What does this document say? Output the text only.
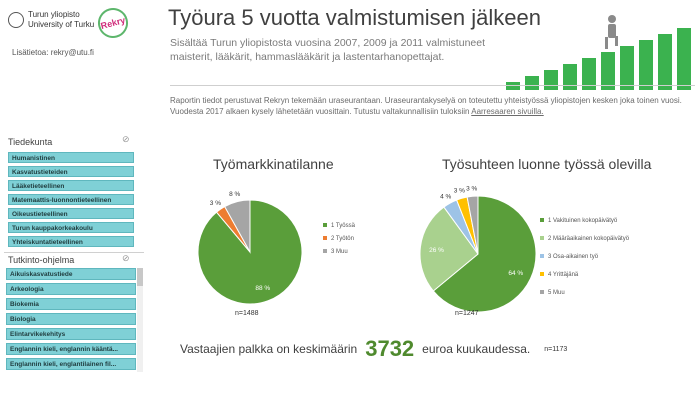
Turun yliopisto
University of Turku Rekry
Lisätietoa: rekry@utu.fi
Työura 5 vuotta valmistumisen jälkeen
Sisältää Turun yliopistosta vuosina 2007, 2009 ja 2011 valmistuneet maisterit, lääkärit, hammaslääkärit ja lastentarhanopettajat.
Raportin tiedot perustuvat Rekryn tekemään uraseurantaan. Uraseurantakyselyä on toteutettu yhteistyössä yliopistojen kesken joka toinen vuosi. Vuodesta 2017 alkaen kysely lähetetään vuosittain. Tutustu valtakunnallisiin tuloksiin Aarresaaren sivuilla.
Tiedekunta	⊘
Humanistinen
Kasvatustieteiden
Lääketieteellinen
Matemaattis-luonnontieteellinen
Oikeustieteellinen
Turun kauppakorkeakoulu
Yhteiskuntatieteellinen
Tutkinto-ohjelma	⊘
Aikuiskasvatustiede
Arkeologia
Biokemia
Biologia
Elintarvikekehitys
Englannin kieli, englannin kääntä...
Englannin kieli, englantilainen fil...
Työmarkkinatilanne
88 %
3 %
8 %
1 Työssä
2 Työtön
3 Muu
n=1488
Työsuhteen luonne työssä olevilla
64 %
26 %
4 %
3 % 3 %
1 Vakituinen kokopäivätyö
2 Määräaikainen kokopäivätyö
3 Osa-aikainen työ
4 Yrittäjänä
5 Muu
n=1247
Vastaajien palkka on keskimäärin 3732 euroa kuukaudessa. n=1173
